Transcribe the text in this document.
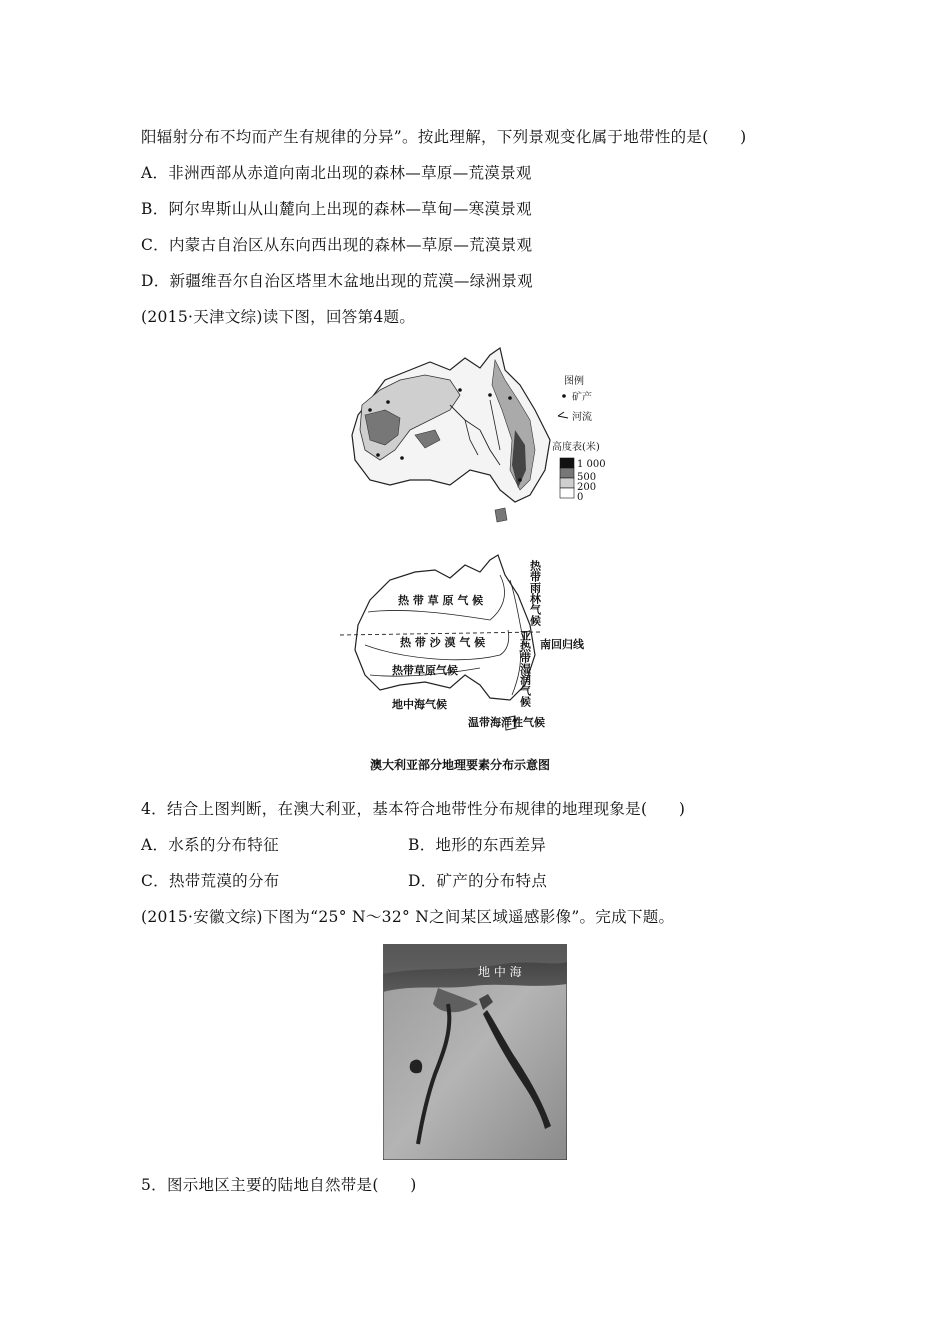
阳辐射分布不均而产生有规律的分异”。按此理解，下列景观变化属于地带性的是(　　)
A．非洲西部从赤道向南北出现的森林—草原—荒漠景观
B．阿尔卑斯山从山麓向上出现的森林—草甸—寒漠景观
C．内蒙古自治区从东向西出现的森林—草原—荒漠景观
D．新疆维吾尔自治区塔里木盆地出现的荒漠—绿洲景观
(2015·天津文综)读下图，回答第4题。
图例
矿产
河流
高度表(米)
1 000
500
200
0
热 带 草 原 气 候
热 带 沙 漠 气 候
热带草原气候
地中海气候
温带海洋性气候
南回归线
热带雨林气候
亚热带湿润气候
澳大利亚部分地理要素分布示意图
4．结合上图判断，在澳大利亚，基本符合地带性分布规律的地理现象是(　　)
A．水系的分布特征	B．地形的东西差异
C．热带荒漠的分布	D．矿产的分布特点
(2015·安徽文综)下图为“25° N～32° N之间某区域遥感影像”。完成下题。
地 中 海
5．图示地区主要的陆地自然带是(　　)
